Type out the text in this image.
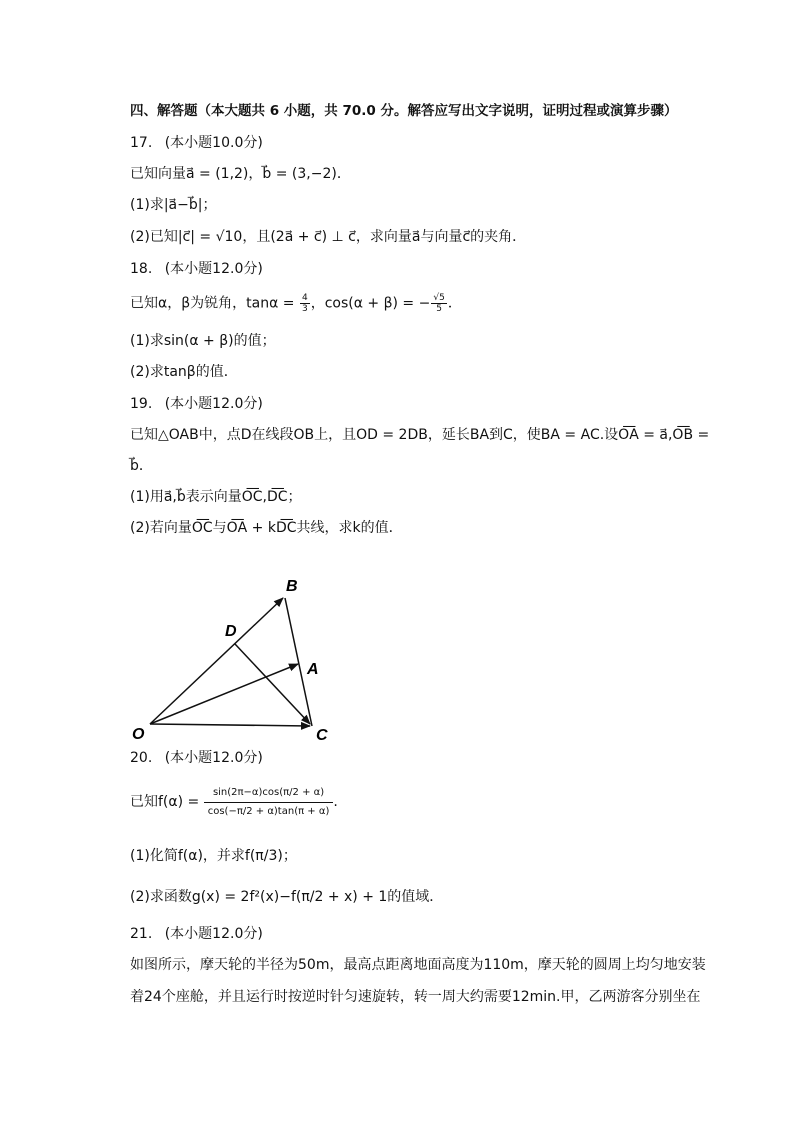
四、解答题（本大题共 6 小题，共 70.0 分。解答应写出文字说明，证明过程或演算步骤）
17. (本小题10.0分)
已知向量a⃗ = (1,2)，b⃗ = (3,−2)．
(1)求|a⃗−b⃗|；
(2)已知|c⃗| = √10，且(2a⃗ + c⃗) ⊥ c⃗，求向量a⃗与向量c⃗的夹角．
18. (本小题12.0分)
已知α，β为锐角，$\tan\alpha = \frac{4}{3}$ ，cos(α + β) = − $\frac{√5}{5}$ ．
(1)求sin(α + β)的值；
(2)求tanβ的值．
19. (本小题12.0分)
已知△OAB中，点D在线段OB上，且OD = 2DB，延长BA到C，使BA = AC.设O͞A = a⃗,O͞B =
b⃗．
(1)用a⃗,b⃗表示向量O͞C,D͞C；
(2)若向量O͞C与O͞A + kD͞C共线，求k的值．
B
D
A
O	C
20. (本小题12.0分)
已知$f(\alpha) = \frac{\sin(2\pi-\alpha)\cos(\pi/2 + \alpha)}{\cos(-\pi/2 + \alpha)\tan(\pi + \alpha)}$ .
(1)化简f(α)，并求f(π/3)；
(2)求函数g(x) = 2f²(x)−f(π/2 + x) + 1的值域．
21. (本小题12.0分)
如图所示，摩天轮的半径为50m，最高点距离地面高度为110m，摩天轮的圆周上均匀地安装
着24个座舱，并且运行时按逆时针匀速旋转，转一周大约需要12min.甲，乙两游客分别坐在
